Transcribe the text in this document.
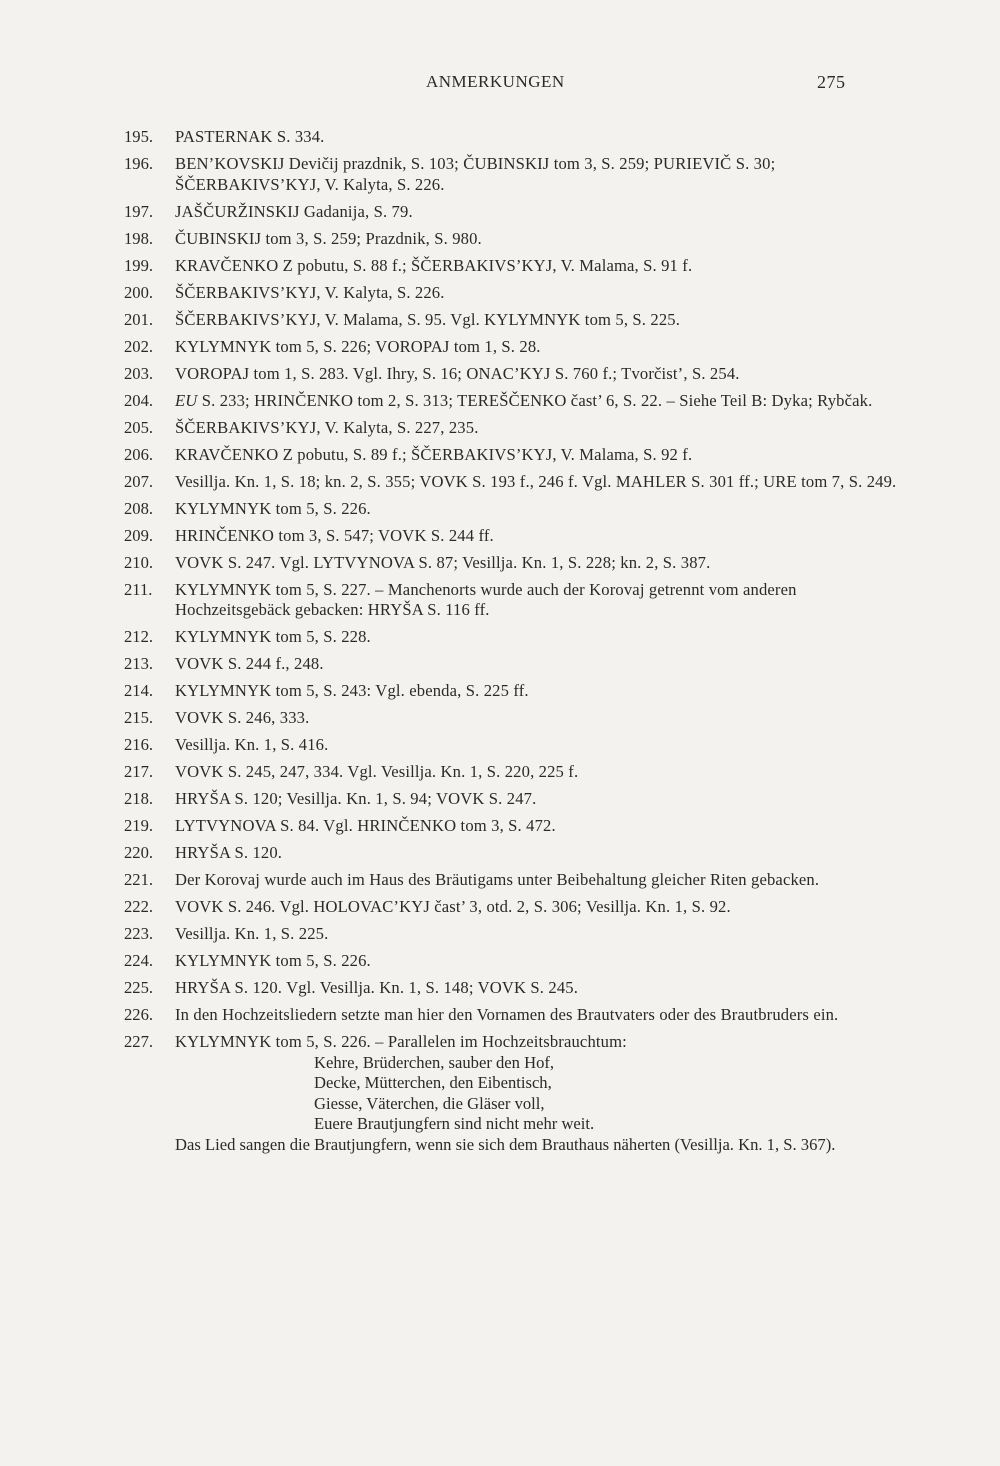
ANMERKUNGEN	275
195.	PASTERNAK S. 334.
196.	BEN’KOVSKIJ Devičij prazdnik, S. 103; ČUBINSKIJ tom 3, S. 259; PURIEVIČ S. 30; ŠČERBAKIVS’KYJ, V. Kalyta, S. 226.
197.	JAŠČURŽINSKIJ Gadanija, S. 79.
198.	ČUBINSKIJ tom 3, S. 259; Prazdnik, S. 980.
199.	KRAVČENKO Z pobutu, S. 88 f.; ŠČERBAKIVS’KYJ, V. Malama, S. 91 f.
200.	ŠČERBAKIVS’KYJ, V. Kalyta, S. 226.
201.	ŠČERBAKIVS’KYJ, V. Malama, S. 95. Vgl. KYLYMNYK tom 5, S. 225.
202.	KYLYMNYK tom 5, S. 226; VOROPAJ tom 1, S. 28.
203.	VOROPAJ tom 1, S. 283. Vgl. Ihry, S. 16; ONAC’KYJ S. 760 f.; Tvorčist’, S. 254.
204.	EU S. 233; HRINČENKO tom 2, S. 313; TEREŠČENKO čast’ 6, S. 22. – Siehe Teil B: Dyka; Rybčak.
205.	ŠČERBAKIVS’KYJ, V. Kalyta, S. 227, 235.
206.	KRAVČENKO Z pobutu, S. 89 f.; ŠČERBAKIVS’KYJ, V. Malama, S. 92 f.
207.	Vesillja. Kn. 1, S. 18; kn. 2, S. 355; VOVK S. 193 f., 246 f. Vgl. MAHLER S. 301 ff.; URE tom 7, S. 249.
208.	KYLYMNYK tom 5, S. 226.
209.	HRINČENKO tom 3, S. 547; VOVK S. 244 ff.
210.	VOVK S. 247. Vgl. LYTVYNOVA S. 87; Vesillja. Kn. 1, S. 228; kn. 2, S. 387.
211.	KYLYMNYK tom 5, S. 227. – Manchenorts wurde auch der Korovaj getrennt vom anderen Hochzeitsgebäck gebacken: HRYŠA S. 116 ff.
212.	KYLYMNYK tom 5, S. 228.
213.	VOVK S. 244 f., 248.
214.	KYLYMNYK tom 5, S. 243: Vgl. ebenda, S. 225 ff.
215.	VOVK S. 246, 333.
216.	Vesillja. Kn. 1, S. 416.
217.	VOVK S. 245, 247, 334. Vgl. Vesillja. Kn. 1, S. 220, 225 f.
218.	HRYŠA S. 120; Vesillja. Kn. 1, S. 94; VOVK S. 247.
219.	LYTVYNOVA S. 84. Vgl. HRINČENKO tom 3, S. 472.
220.	HRYŠA S. 120.
221.	Der Korovaj wurde auch im Haus des Bräutigams unter Beibehaltung gleicher Riten gebacken.
222.	VOVK S. 246. Vgl. HOLOVAC’KYJ čast’ 3, otd. 2, S. 306; Vesillja. Kn. 1, S. 92.
223.	Vesillja. Kn. 1, S. 225.
224.	KYLYMNYK tom 5, S. 226.
225.	HRYŠA S. 120. Vgl. Vesillja. Kn. 1, S. 148; VOVK S. 245.
226.	In den Hochzeitsliedern setzte man hier den Vornamen des Brautvaters oder des Brautbruders ein.
227.	KYLYMNYK tom 5, S. 226. – Parallelen im Hochzeitsbrauchtum:
Kehre, Brüderchen, sauber den Hof,
Decke, Mütterchen, den Eibentisch,
Giesse, Väterchen, die Gläser voll,
Euere Brautjungfern sind nicht mehr weit.
Das Lied sangen die Brautjungfern, wenn sie sich dem Brauthaus näherten (Vesillja. Kn. 1, S. 367).
